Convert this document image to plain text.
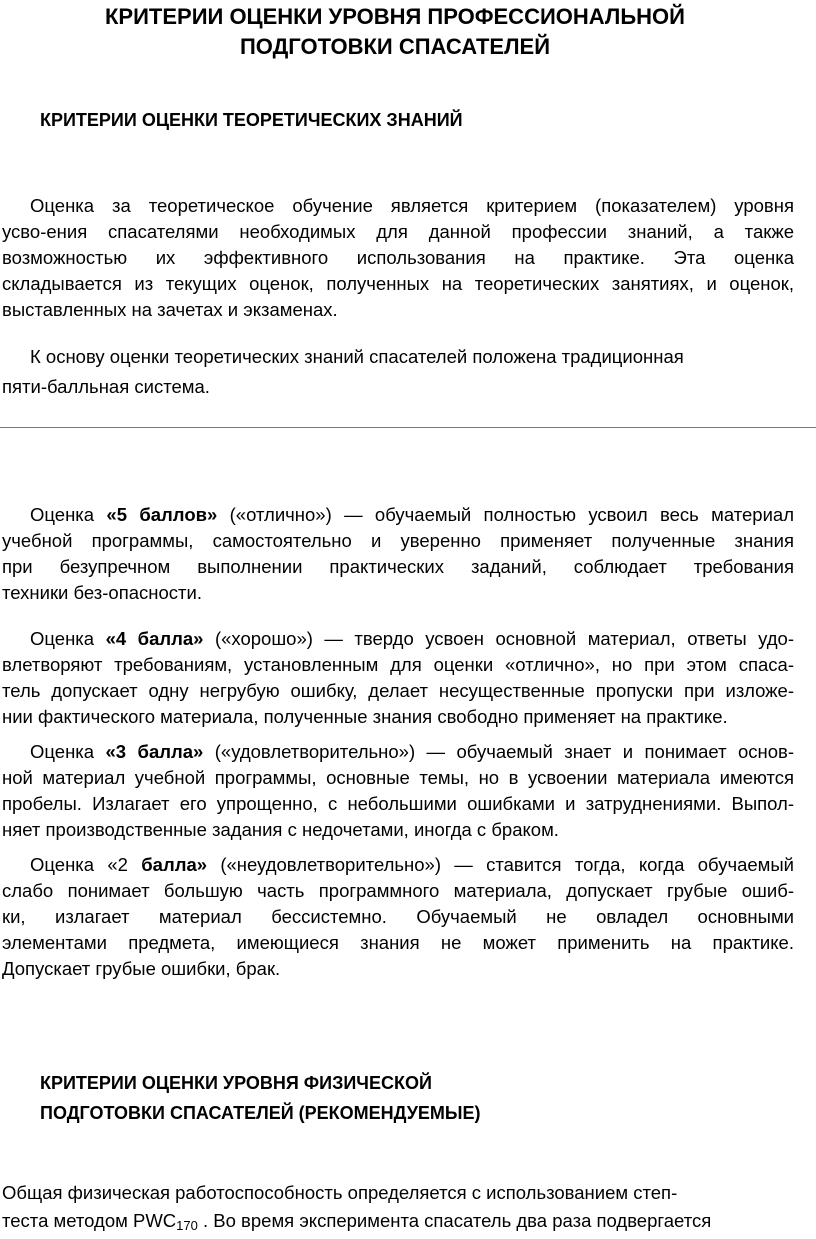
КРИТЕРИИ ОЦЕНКИ УРОВНЯ ПРОФЕССИОНАЛЬНОЙ
ПОДГОТОВКИ СПАСАТЕЛЕЙ
КРИТЕРИИ ОЦЕНКИ ТЕОРЕТИЧЕСКИХ ЗНАНИЙ
Оценка за теоретическое обучение является критерием (показателем) уровня
усво-ения спасателями необходимых для данной профессии знаний, а также
возможностью их эффективного использования на практике. Эта оценка
складывается из текущих оценок, полученных на теоретических занятиях, и оценок,
выставленных на зачетах и экзаменах.
К основу оценки теоретических знаний спасателей положена традиционная
пяти-балльная система.
Оценка «5 баллов» («отлично») — обучаемый полностью усвоил весь материал
учебной программы, самостоятельно и уверенно применяет полученные знания
при безупречном выполнении практических заданий, соблюдает требования
техники без-опасности.
Оценка «4 балла» («хорошо») — твердо усвоен основной материал, ответы удо-
влетворяют требованиям, установленным для оценки «отлично», но при этом спаса-
тель допускает одну негрубую ошибку, делает несущественные пропуски при изложе-
нии фактического материала, полученные знания свободно применяет на практике.
Оценка «3 балла» («удовлетворительно») — обучаемый знает и понимает основ-
ной материал учебной программы, основные темы, но в усвоении материала имеются
пробелы. Излагает его упрощенно, с небольшими ошибками и затруднениями. Выпол-
няет производственные задания с недочетами, иногда с браком.
Оценка «2 балла» («неудовлетворительно») — ставится тогда, когда обучаемый
слабо понимает большую часть программного материала, допускает грубые ошиб-
ки, излагает материал бессистемно. Обучаемый не овладел основными
элементами предмета, имеющиеся знания не может применить на практике.
Допускает грубые ошибки, брак.
КРИТЕРИИ ОЦЕНКИ УРОВНЯ ФИЗИЧЕСКОЙ
ПОДГОТОВКИ СПАСАТЕЛЕЙ (РЕКОМЕНДУЕМЫЕ)
Общая физическая работоспособность определяется с использованием степ-
теста методом $PWC_{170}$ . Во время эксперимента спасатель два раза подвергается
